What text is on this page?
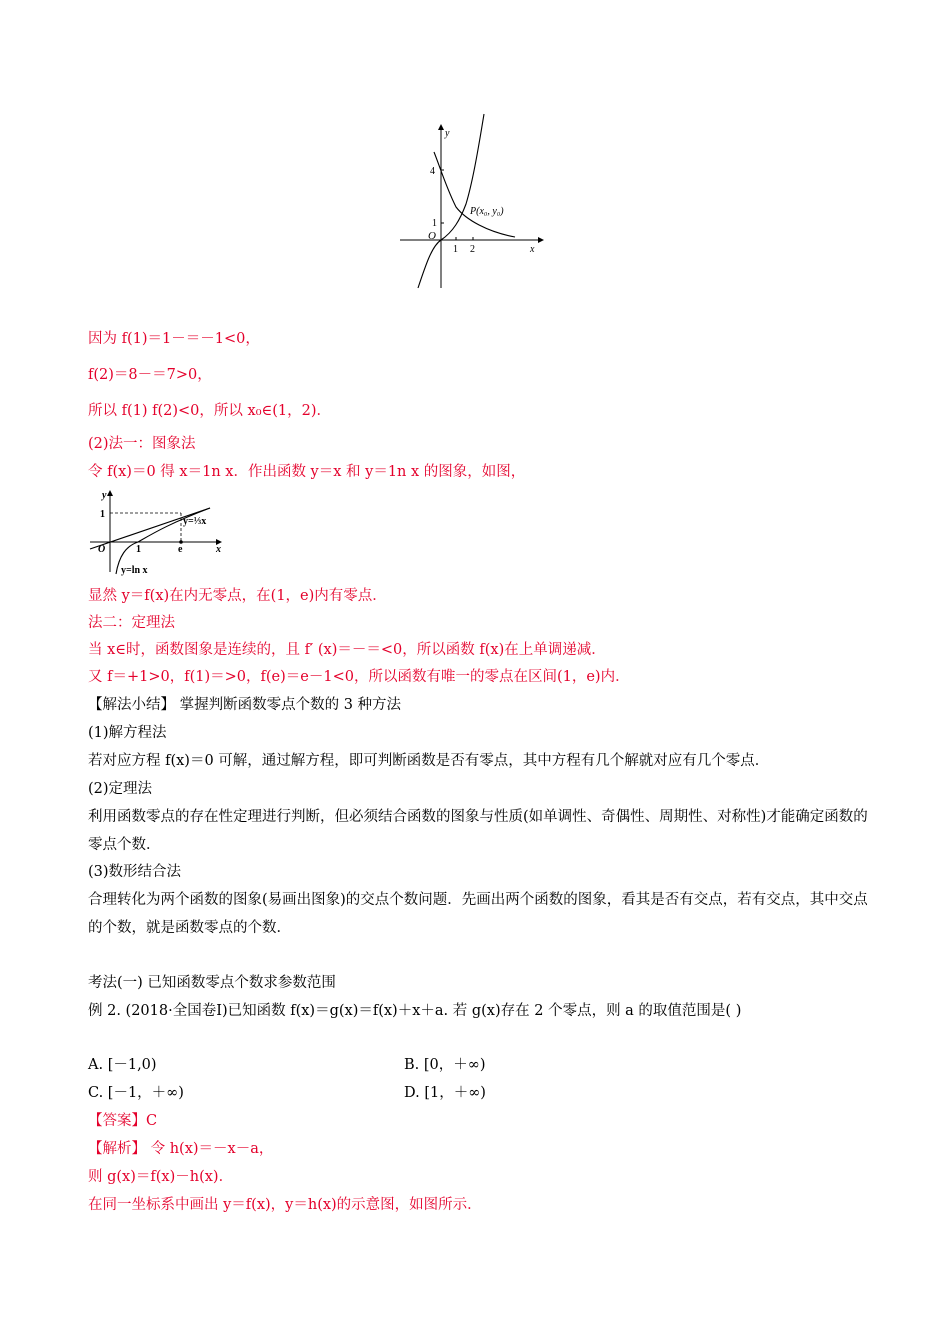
y
x
O
4
1
1 2
P(x₀, y₀)
因为 f(1)＝1－＝－1<0，
f(2)＝8－＝7>0，
所以 f(1) f(2)<0，所以 x₀∈(1，2)．
(2)法一：图象法
令 f(x)＝0 得 x＝1n x．作出函数 y＝x 和 y＝1n x 的图象，如图，
y
x
O
1
1	e
y=ln x
y=⅓x
显然 y＝f(x)在内无零点，在(1，e)内有零点．
法二：定理法
当 x∈时，函数图象是连续的，且 f′ (x)＝－＝<0，所以函数 f(x)在上单调递减．
又 f＝+1>0，f(1)＝>0，f(e)＝e－1<0，所以函数有唯一的零点在区间(1，e)内．
【解法小结】 掌握判断函数零点个数的 3 种方法
(1)解方程法
若对应方程 f(x)＝0 可解，通过解方程，即可判断函数是否有零点，其中方程有几个解就对应有几个零点．
(2)定理法
利用函数零点的存在性定理进行判断，但必须结合函数的图象与性质(如单调性、奇偶性、周期性、对称性)才能确定函数的零点个数．
(3)数形结合法
合理转化为两个函数的图象(易画出图象)的交点个数问题．先画出两个函数的图象，看其是否有交点，若有交点，其中交点的个数，就是函数零点的个数．
考法(一) 已知函数零点个数求参数范围
例 2. (2018·全国卷Ⅰ)已知函数 f(x)＝g(x)＝f(x)＋x＋a. 若 g(x)存在 2 个零点，则 a 的取值范围是( )
A. [－1,0)	B. [0，＋∞)
C. [－1，＋∞)	D. [1，＋∞)
【答案】C
【解析】 令 h(x)＝－x－a，
则 g(x)＝f(x)－h(x)．
在同一坐标系中画出 y＝f(x)，y＝h(x)的示意图，如图所示．
